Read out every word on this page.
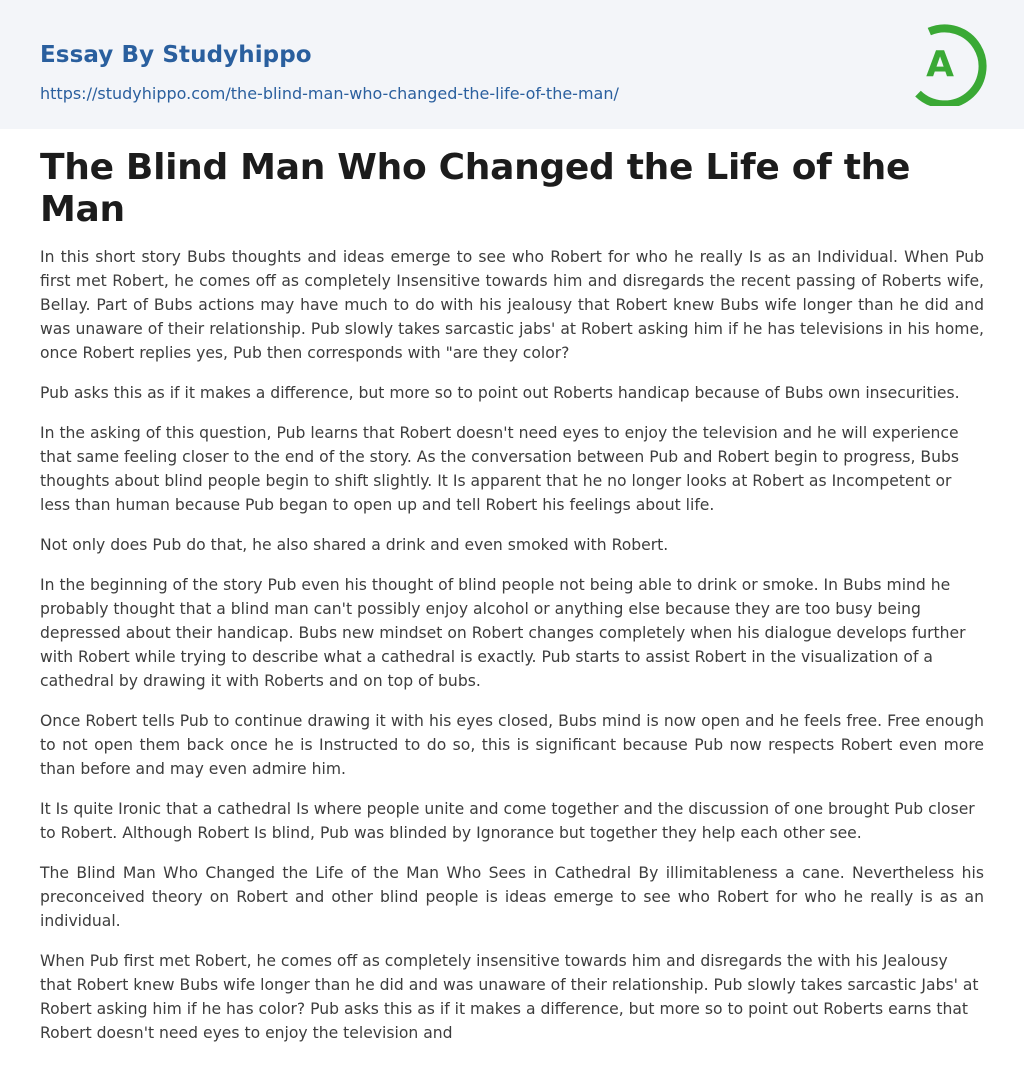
Essay By Studyhippo
https://studyhippo.com/the-blind-man-who-changed-the-life-of-the-man/
A
The Blind Man Who Changed the Life of the Man

In this short story Bubs thoughts and ideas emerge to see who Robert for who he really Is as an Individual. When Pub first met Robert, he comes off as completely Insensitive towards him and disregards the recent passing of Roberts wife, Bellay. Part of Bubs actions may have much to do with his jealousy that Robert knew Bubs wife longer than he did and was unaware of their relationship. Pub slowly takes sarcastic jabs' at Robert asking him if he has televisions in his home, once Robert replies yes, Pub then corresponds with "are they color?

Pub asks this as if it makes a difference, but more so to point out Roberts handicap because of Bubs own insecurities.

In the asking of this question, Pub learns that Robert doesn't need eyes to enjoy the television and he will experience that same feeling closer to the end of the story. As the conversation between Pub and Robert begin to progress, Bubs thoughts about blind people begin to shift slightly. It Is apparent that he no longer looks at Robert as Incompetent or less than human because Pub began to open up and tell Robert his feelings about life.

Not only does Pub do that, he also shared a drink and even smoked with Robert.

In the beginning of the story Pub even his thought of blind people not being able to drink or smoke. In Bubs mind he probably thought that a blind man can't possibly enjoy alcohol or anything else because they are too busy being depressed about their handicap. Bubs new mindset on Robert changes completely when his dialogue develops further with Robert while trying to describe what a cathedral is exactly. Pub starts to assist Robert in the visualization of a cathedral by drawing it with Roberts and on top of bubs.

Once Robert tells Pub to continue drawing it with his eyes closed, Bubs mind is now open and he feels free. Free enough to not open them back once he is Instructed to do so, this is significant because Pub now respects Robert even more than before and may even admire him.

It Is quite Ironic that a cathedral Is where people unite and come together and the discussion of one brought Pub closer to Robert. Although Robert Is blind, Pub was blinded by Ignorance but together they help each other see.

The Blind Man Who Changed the Life of the Man Who Sees in Cathedral By illimitableness a cane. Nevertheless his preconceived theory on Robert and other blind people is ideas emerge to see who Robert for who he really is as an individual.

When Pub first met Robert, he comes off as completely insensitive towards him and disregards the with his Jealousy that Robert knew Bubs wife longer than he did and was unaware of their relationship. Pub slowly takes sarcastic Jabs' at Robert asking him if he has color? Pub asks this as if it makes a difference, but more so to point out Roberts earns that Robert doesn't need eyes to enjoy the television and
